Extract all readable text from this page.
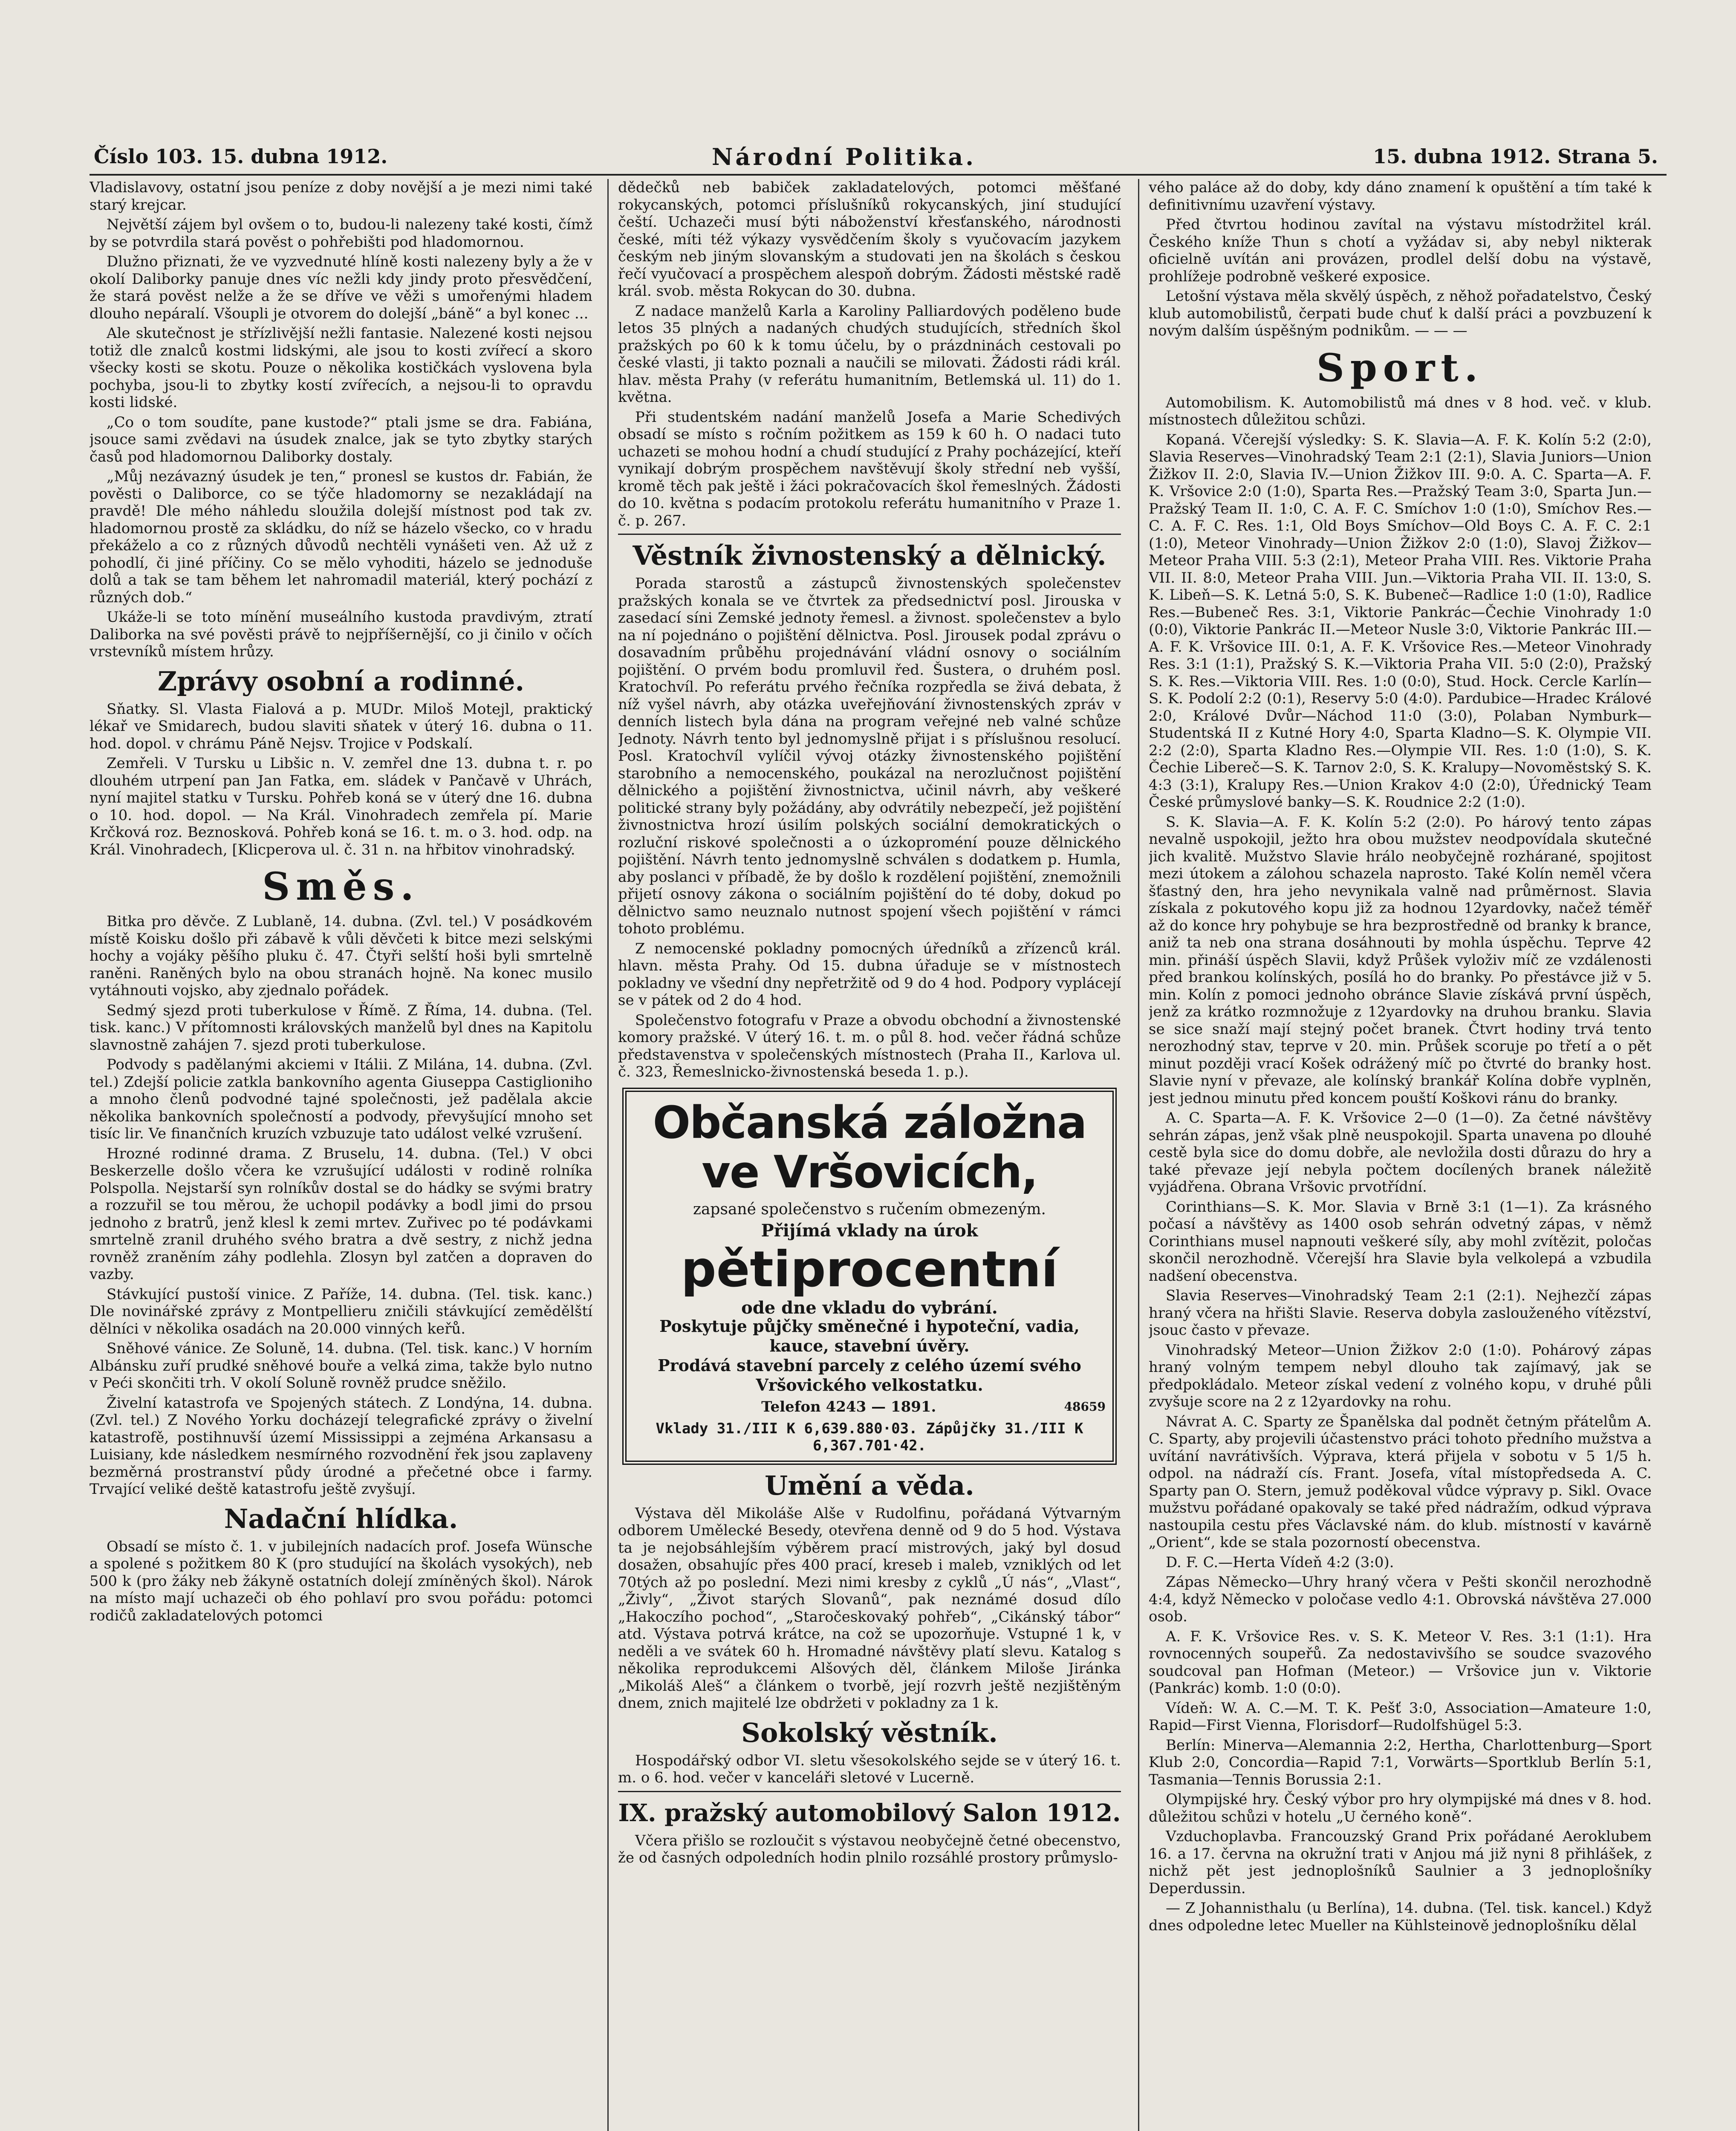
Číslo 103. 15. dubna 1912.	Národní Politika.	15. dubna 1912. Strana 5.

Vladislavovy, ostatní jsou peníze z doby novější a je mezi nimi také starý krejcar.

Největší zájem byl ovšem o to, budou-li nalezeny také kosti, čímž by se potvrdila stará pověst o pohřebišti pod hladomornou.

Dlužno přiznati, že ve vyzvednuté hlíně kosti nalezeny byly a že v okolí Daliborky panuje dnes víc nežli kdy jindy proto přesvědčení, že stará pověst nelže a že se dříve ve věži s umořenými hladem dlouho nepáralí. Všoupli je otvorem do dolejší „báně“ a byl konec ...

Ale skutečnost je střízlivější nežli fantasie. Nalezené kosti nejsou totiž dle znalců kostmi lidskými, ale jsou to kosti zvířecí a skoro všecky kosti se skotu. Pouze o několika kostičkách vyslovena byla pochyba, jsou-li to zbytky kostí zvířecích, a nejsou-li to opravdu kosti lidské.

„Co o tom soudíte, pane kustode?“ ptali jsme se dra. Fabiána, jsouce sami zvědavi na úsudek znalce, jak se tyto zbytky starých časů pod hladomornou Daliborky dostaly.

„Můj nezávazný úsudek je ten,“ pronesl se kustos dr. Fabián, že pověsti o Daliborce, co se týče hladomorny se nezakládají na pravdě! Dle mého náhledu sloužila dolejší místnost pod tak zv. hladomornou prostě za skládku, do níž se házelo všecko, co v hradu překáželo a co z různých důvodů nechtěli vynášeti ven. Až už z pohodlí, či jiné příčiny. Co se mělo vyhoditi, házelo se jednoduše dolů a tak se tam během let nahromadil materiál, který pochází z různých dob.“

Ukáže-li se toto mínění museálního kustoda pravdivým, ztratí Daliborka na své pověsti právě to nejpříšernější, co ji činilo v očích vrstevníků místem hrůzy.

Zprávy osobní a rodinné.

Sňatky. Sl. Vlasta Fialová a p. MUDr. Miloš Motejl, praktický lékař ve Smidarech, budou slaviti sňatek v úterý 16. dubna o 11. hod. dopol. v chrámu Páně Nejsv. Trojice v Podskalí.

Zemřeli. V Tursku u Libšic n. V. zemřel dne 13. dubna t. r. po dlouhém utrpení pan Jan Fatka, em. sládek v Pančavě v Uhrách, nyní majitel statku v Tursku. Pohřeb koná se v úterý dne 16. dubna o 10. hod. dopol. — Na Král. Vinohradech zemřela pí. Marie Krčková roz. Beznosková. Pohřeb koná se 16. t. m. o 3. hod. odp. na Král. Vinohradech, [Klicperova ul. č. 31 n. na hřbitov vinohradský.

Směs.

Bitka pro děvče. Z Lublaně, 14. dubna. (Zvl. tel.) V posádkovém místě Koisku došlo při zábavě k vůli děvčeti k bitce mezi selskými hochy a vojáky pěšího pluku č. 47. Čtyři selští hoši byli smrtelně raněni. Raněných bylo na obou stranách hojně. Na konec musilo vytáhnouti vojsko, aby zjednalo pořádek.

Sedmý sjezd proti tuberkulose v Římě. Z Říma, 14. dubna. (Tel. tisk. kanc.) V přítomnosti královských manželů byl dnes na Kapitolu slavnostně zahájen 7. sjezd proti tuberkulose.

Podvody s padělanými akciemi v Itálii. Z Milána, 14. dubna. (Zvl. tel.) Zdejší policie zatkla bankovního agenta Giuseppa Castiglioniho a mnoho členů podvodné tajné společnosti, jež padělala akcie několika bankovních společností a podvody, převyšující mnoho set tisíc lir. Ve finančních kruzích vzbuzuje tato událost velké vzrušení.

Hrozné rodinné drama. Z Bruselu, 14. dubna. (Tel.) V obci Beskerzelle došlo včera ke vzrušující události v rodině rolníka Polspolla. Nejstarší syn rolníkův dostal se do hádky se svými bratry a rozzuřil se tou měrou, že uchopil podávky a bodl jimi do prsou jednoho z bratrů, jenž klesl k zemi mrtev. Zuřivec po té podávkami smrtelně zranil druhého svého bratra a dvě sestry, z nichž jedna rovněž zraněním záhy podlehla. Zlosyn byl zatčen a dopraven do vazby.

Stávkující pustoší vinice. Z Paříže, 14. dubna. (Tel. tisk. kanc.) Dle novinářské zprávy z Montpellieru zničili stávkující zemědělští dělníci v několika osadách na 20.000 vinných keřů.

Sněhové vánice. Ze Soluně, 14. dubna. (Tel. tisk. kanc.) V horním Albánsku zuří prudké sněhové bouře a velká zima, takže bylo nutno v Peći skončiti trh. V okolí Soluně rovněž prudce sněžilo.

Živelní katastrofa ve Spojených státech. Z Londýna, 14. dubna. (Zvl. tel.) Z Nového Yorku docházejí telegrafické zprávy o živelní katastrofě, postihnuvší území Mississippi a zejména Arkansasu a Luisiany, kde následkem nesmírného rozvodnění řek jsou zaplaveny bezměrná prostranství půdy úrodné a přečetné obce i farmy. Trvající veliké deště katastrofu ještě zvyšují.

Nadační hlídka.

Obsadí se místo č. 1. v jubilejních nadacích prof. Josefa Wünsche a spolené s požitkem 80 K (pro studující na školách vysokých), neb 500 k (pro žáky neb žákyně ostatních dolejí zmíněných škol). Nárok na místo mají uchazeči ob ého pohlaví pro svou pořádu: potomci rodičů zakladatelových potomci

dědečků neb babiček zakladatelových, potomci měšťané rokycanských, potomci příslušníků rokycanských, jiní studující čeští. Uchazeči musí býti náboženství křesťanského, národnosti české, míti též výkazy vysvědčením školy s vyučovacím jazykem českým neb jiným slovanským a studovati jen na školách s českou řečí vyučovací a prospěchem alespoň dobrým. Žádosti městské radě král. svob. města Rokycan do 30. dubna.

Z nadace manželů Karla a Karoliny Palliardových poděleno bude letos 35 plných a nadaných chudých studujících, středních škol pražských po 60 k k tomu účelu, by o prázdninách cestovali po české vlasti, ji takto poznali a naučili se milovati. Žádosti rádi král. hlav. města Prahy (v referátu humanitním, Betlemská ul. 11) do 1. května.

Při studentském nadání manželů Josefa a Marie Schedivých obsadí se místo s ročním požitkem as 159 k 60 h. O nadaci tuto uchazeti se mohou hodní a chudí studující z Prahy pocházející, kteří vynikají dobrým prospěchem navštěvují školy střední neb vyšší, kromě těch pak ještě i žáci pokračovacích škol řemeslných. Žádosti do 10. května s podacím protokolu referátu humanitního v Praze 1. č. p. 267.

Věstník živnostenský a dělnický.

Porada starostů a zástupců živnostenských společenstev pražských konala se ve čtvrtek za předsednictví posl. Jirouska v zasedací síni Zemské jednoty řemesl. a živnost. společenstev a bylo na ní pojednáno o pojištění dělnictva. Posl. Jirousek podal zprávu o dosavadním průběhu projednávání vládní osnovy o sociálním pojištění. O prvém bodu promluvil řed. Šustera, o druhém posl. Kratochvíl. Po referátu prvého řečníka rozpředla se živá debata, ž níž vyšel návrh, aby otázka uveřejňování živnostenských zpráv v denních listech byla dána na program veřejné neb valné schůze Jednoty. Návrh tento byl jednomyslně přijat i s příslušnou resolucí. Posl. Kratochvíl vylíčil vývoj otázky živnostenského pojištění starobního a nemocenského, poukázal na nerozlučnost pojištění dělnického a pojištění živnostnictva, učinil návrh, aby veškeré politické strany byly požádány, aby odvrátily nebezpečí, jež pojištění živnostnictva hrozí úsilím polských sociální demokratických o rozluční riskové společnosti a o úzkoproméní pouze dělnického pojištění. Návrh tento jednomyslně schválen s dodatkem p. Humla, aby poslanci v příbadě, že by došlo k rozdělení pojištění, znemožnili přijetí osnovy zákona o sociálním pojištění do té doby, dokud po dělnictvo samo neuznalo nutnost spojení všech pojištění v rámci tohoto problému.

Z nemocenské pokladny pomocných úředníků a zřízenců král. hlavn. města Prahy. Od 15. dubna úřaduje se v místnostech pokladny ve všední dny nepřetržitě od 9 do 4 hod. Podpory vyplácejí se v pátek od 2 do 4 hod.

Společenstvo fotografu v Praze a obvodu obchodní a živnostenské komory pražské. V úterý 16. t. m. o půl 8. hod. večer řádná schůze představenstva v společenských místnostech (Praha II., Karlova ul. č. 323, Řemeslnicko-živnostenská beseda 1. p.).

Občanská záložna
ve Vršovicích,
zapsané společenstvo s ručením obmezeným.
Přijímá vklady na úrok
pětiprocentní
ode dne vkladu do vybrání.
Poskytuje půjčky směnečné i hypoteční, vadia, kauce, stavební úvěry.
Prodává stavební parcely z celého území svého Vršovického velkostatku.
Telefon 4243 — 1891.	48659
Vklady 31./III K 6,639.880·03. Zápůjčky 31./III K 6,367.701·42.
Umění a věda.

Výstava děl Mikoláše Alše v Rudolfinu, pořádaná Výtvarným odborem Umělecké Besedy, otevřena denně od 9 do 5 hod. Výstava ta je nejobsáhlejším výběrem prací mistrových, jaký byl dosud dosažen, obsahujíc přes 400 prací, kreseb i maleb, vzniklých od let 70tých až po poslední. Mezi nimi kresby z cyklů „Ú nás“, „Vlast“, „Živly“, „Život starých Slovanů“, pak neznámé dosud dílo „Hakoczího pochod“, „Staročeskovaký pohřeb“, „Cikánský tábor“ atd. Výstava potrvá krátce, na což se upozorňuje. Vstupné 1 k, v neděli a ve svátek 60 h. Hromadné návštěvy platí slevu. Katalog s několika reprodukcemi Alšových děl, článkem Miloše Jiránka „Mikoláš Aleš“ a článkem o tvorbě, její rozvrh ještě nezjištěným dnem, znich majitelé lze obdržeti v pokladny za 1 k.

Sokolský věstník.

Hospodářský odbor VI. sletu všesokolského sejde se v úterý 16. t. m. o 6. hod. večer v kanceláři sletové v Lucerně.

IX. pražský automobilový Salon 1912.

Včera přišlo se rozloučit s výstavou neobyčejně četné obecenstvo, že od časných odpoledních hodin plnilo rozsáhlé prostory průmyslo-

vého paláce až do doby, kdy dáno znamení k opuštění a tím také k definitivnímu uzavření výstavy.

Před čtvrtou hodinou zavítal na výstavu místodržitel král. Českého kníže Thun s chotí a vyžádav si, aby nebyl nikterak oficielně uvítán ani provázen, prodlel delší dobu na výstavě, prohlížeje podrobně veškeré exposice.

Letošní výstava měla skvělý úspěch, z něhož pořadatelstvo, Český klub automobilistů, čerpati bude chuť k další práci a povzbuzení k novým dalším úspěšným podnikům. — — —

Sport.

Automobilism. K. Automobilistů má dnes v 8 hod. več. v klub. místnostech důležitou schůzi.

Kopaná. Včerejší výsledky: S. K. Slavia—A. F. K. Kolín 5:2 (2:0), Slavia Reserves—Vinohradský Team 2:1 (2:1), Slavia Juniors—Union Žižkov II. 2:0, Slavia IV.—Union Žižkov III. 9:0. A. C. Sparta—A. F. K. Vršovice 2:0 (1:0), Sparta Res.—Pražský Team 3:0, Sparta Jun.—Pražský Team II. 1:0, C. A. F. C. Smíchov 1:0 (1:0), Smíchov Res.—C. A. F. C. Res. 1:1, Old Boys Smíchov—Old Boys C. A. F. C. 2:1 (1:0), Meteor Vinohrady—Union Žižkov 2:0 (1:0), Slavoj Žižkov—Meteor Praha VIII. 5:3 (2:1), Meteor Praha VIII. Res. Viktorie Praha VII. II. 8:0, Meteor Praha VIII. Jun.—Viktoria Praha VII. II. 13:0, S. K. Libeň—S. K. Letná 5:0, S. K. Bubeneč—Radlice 1:0 (1:0), Radlice Res.—Bubeneč Res. 3:1, Viktorie Pankrác—Čechie Vinohrady 1:0 (0:0), Viktorie Pankrác II.—Meteor Nusle 3:0, Viktorie Pankrác III.—A. F. K. Vršovice III. 0:1, A. F. K. Vršovice Res.—Meteor Vinohrady Res. 3:1 (1:1), Pražský S. K.—Viktoria Praha VII. 5:0 (2:0), Pražský S. K. Res.—Viktoria VIII. Res. 1:0 (0:0), Stud. Hock. Cercle Karlín—S. K. Podolí 2:2 (0:1), Reservy 5:0 (4:0). Pardubice—Hradec Králové 2:0, Králové Dvůr—Náchod 11:0 (3:0), Polaban Nymburk—Studentská II z Kutné Hory 4:0, Sparta Kladno—S. K. Olympie VII. 2:2 (2:0), Sparta Kladno Res.—Olympie VII. Res. 1:0 (1:0), S. K. Čechie Libereč—S. K. Tarnov 2:0, S. K. Kralupy—Novoměstský S. K. 4:3 (3:1), Kralupy Res.—Union Krakov 4:0 (2:0), Úřednický Team České průmyslové banky—S. K. Roudnice 2:2 (1:0).

S. K. Slavia—A. F. K. Kolín 5:2 (2:0). Po hárový tento zápas nevalně uspokojil, ježto hra obou mužstev neodpovídala skutečné jich kvalitě. Mužstvo Slavie hrálo neobyčejně rozhárané, spojitost mezi útokem a zálohou schazela naprosto. Také Kolín neměl včera šťastný den, hra jeho nevynikala valně nad průměrnost. Slavia získala z pokutového kopu již za hodnou 12yardovky, načež téměř až do konce hry pohybuje se hra bezprostředně od branky k brance, aniž ta neb ona strana dosáhnouti by mohla úspěchu. Teprve 42 min. přináší úspěch Slavii, když Průšek vyloživ míč ze vzdálenosti před brankou kolínských, posílá ho do branky. Po přestávce již v 5. min. Kolín z pomoci jednoho obránce Slavie získává první úspěch, jenž za krátko rozmnožuje z 12yardovky na druhou branku. Slavia se sice snaží mají stejný počet branek. Čtvrt hodiny trvá tento nerozhodný stav, teprve v 20. min. Průšek scoruje po třetí a o pět minut později vrací Košek odrážený míč po čtvrté do branky host. Slavie nyní v převaze, ale kolínský brankář Kolína dobře vyplněn, jest jednou minutu před koncem pouští Koškovi ránu do branky.

A. C. Sparta—A. F. K. Vršovice 2—0 (1—0). Za četné návštěvy sehrán zápas, jenž však plně neuspokojil. Sparta unavena po dlouhé cestě byla sice do domu dobře, ale nevložila dosti důrazu do hry a také převaze její nebyla počtem docílených branek náležitě vyjádřena. Obrana Vršovic prvotřídní.

Corinthians—S. K. Mor. Slavia v Brně 3:1 (1—1). Za krásného počasí a návštěvy as 1400 osob sehrán odvetný zápas, v němž Corinthians musel napnouti veškeré síly, aby mohl zvítězit, poločas skončil nerozhodně. Včerejší hra Slavie byla velkolepá a vzbudila nadšení obecenstva.

Slavia Reserves—Vinohradský Team 2:1 (2:1). Nejhezčí zápas hraný včera na hřišti Slavie. Reserva dobyla zaslouženého vítězství, jsouc často v převaze.

Vinohradský Meteor—Union Žižkov 2:0 (1:0). Pohárový zápas hraný volným tempem nebyl dlouho tak zajímavý, jak se předpokládalo. Meteor získal vedení z volného kopu, v druhé půli zvyšuje score na 2 z 12yardovky na rohu.

Návrat A. C. Sparty ze Španělska dal podnět četným přátelům A. C. Sparty, aby projevili účastenstvo práci tohoto předního mužstva a uvítání navrátivších. Výprava, která přijela v sobotu v 5 1/5 h. odpol. na nádraží cís. Frant. Josefa, vítal místopředseda A. C. Sparty pan O. Stern, jemuž poděkoval vůdce výpravy p. Sikl. Ovace mužstvu pořádané opakovaly se také před nádražím, odkud výprava nastoupila cestu přes Václavské nám. do klub. místností v kavárně „Orient“, kde se stala pozorností obecenstva.

D. F. C.—Herta Vídeň 4:2 (3:0).

Zápas Německo—Uhry hraný včera v Pešti skončil nerozhodně 4:4, když Německo v poločase vedlo 4:1. Obrovská návštěva 27.000 osob.

A. F. K. Vršovice Res. v. S. K. Meteor V. Res. 3:1 (1:1). Hra rovnocenných soupeřů. Za nedostavivšího se soudce svazového soudcoval pan Hofman (Meteor.) — Vršovice jun v. Viktorie (Pankrác) komb. 1:0 (0:0).

Vídeň: W. A. C.—M. T. K. Pešť 3:0, Association—Amateure 1:0, Rapid—First Vienna, Florisdorf—Rudolfshügel 5:3.

Berlín: Minerva—Alemannia 2:2, Hertha, Charlottenburg—Sport Klub 2:0, Concordia—Rapid 7:1, Vorwärts—Sportklub Berlín 5:1, Tasmania—Tennis Borussia 2:1.

Olympijské hry. Český výbor pro hry olympijské má dnes v 8. hod. důležitou schůzi v hotelu „U černého koně“.

Vzduchoplavba. Francouzský Grand Prix pořádané Aeroklubem 16. a 17. června na okružní trati v Anjou má již nyni 8 přihlášek, z nichž pět jest jednoplošníků Saulnier a 3 jednoplošníky Deperdussin.

— Z Johannisthalu (u Berlína), 14. dubna. (Tel. tisk. kancel.) Když dnes odpoledne letec Mueller na Kühlsteinově jednoplošníku dělal
